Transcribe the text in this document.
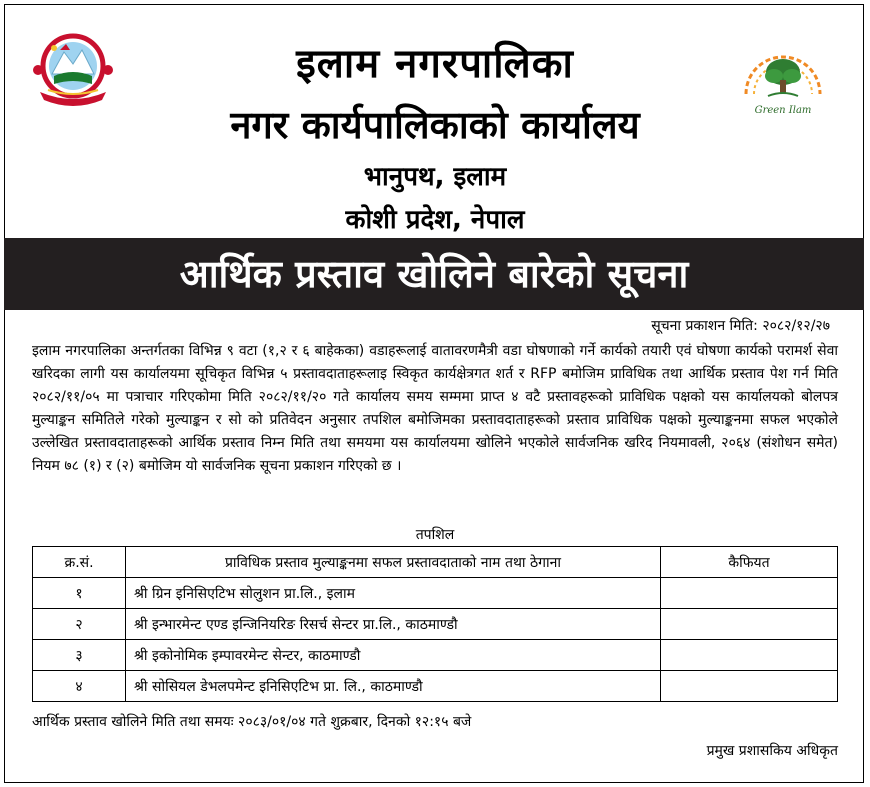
Green Ilam
इलाम नगरपालिका
नगर कार्यपालिकाको कार्यालय
भानुपथ, इलाम
कोशी प्रदेश, नेपाल
आर्थिक प्रस्ताव खोलिने बारेको सूचना
सूचना प्रकाशन मिति: २०८२/१२/२७
इलाम नगरपालिका अन्तर्गतका विभिन्न ९ वटा (१,२ र ६ बाहेकका) वडाहरूलाई वातावरणमैत्री वडा घोषणाको गर्ने कार्यको तयारी एवं घोषणा कार्यको परामर्श सेवा खरिदका लागी यस कार्यालयमा सूचिकृत विभिन्न ५ प्रस्तावदाताहरूलाइ स्विकृत कार्यक्षेत्रगत शर्त र RFP बमोजिम प्राविधिक तथा आर्थिक प्रस्ताव पेश गर्न मिति २०८२/११/०५ मा पत्राचार गरिएकोमा मिति २०८२/११/२० गते कार्यालय समय सम्ममा प्राप्त ४ वटै प्रस्तावहरूको प्राविधिक पक्षको यस कार्यालयको बोलपत्र मुल्याङ्कन समितिले गरेको मुल्याङ्कन र सो को प्रतिवेदन अनुसार तपशिल बमोजिमका प्रस्तावदाताहरूको प्रस्ताव प्राविधिक पक्षको मुल्याङ्कनमा सफल भएकोले उल्लेखित प्रस्तावदाताहरूको आर्थिक प्रस्ताव निम्न मिति तथा समयमा यस कार्यालयमा खोलिने भएकोले सार्वजनिक खरिद नियमावली, २०६४ (संशोधन समेत) नियम ७८ (१) र (२) बमोजिम यो सार्वजनिक सूचना प्रकाशन गरिएको छ ।
तपशिल
क्र.सं.	प्राविधिक प्रस्ताव मुल्याङ्कनमा सफल प्रस्तावदाताको नाम तथा ठेगाना	कैफियत
१	श्री ग्रिन इनिसिएटिभ सोलुशन प्रा.लि., इलाम	
२	श्री इन्भारमेन्ट एण्ड इन्जिनियरिङ रिसर्च सेन्टर प्रा.लि., काठमाण्डौ	
३	श्री इकोनोमिक इम्पावरमेन्ट सेन्टर, काठमाण्डौ	
४	श्री सोसियल डेभलपमेन्ट इनिसिएटिभ प्रा. लि., काठमाण्डौ	
आर्थिक प्रस्ताव खोलिने मिति तथा समयः २०८३/०१/०४ गते शुक्रबार, दिनको १२:१५ बजे
प्रमुख प्रशासकिय अधिकृत
